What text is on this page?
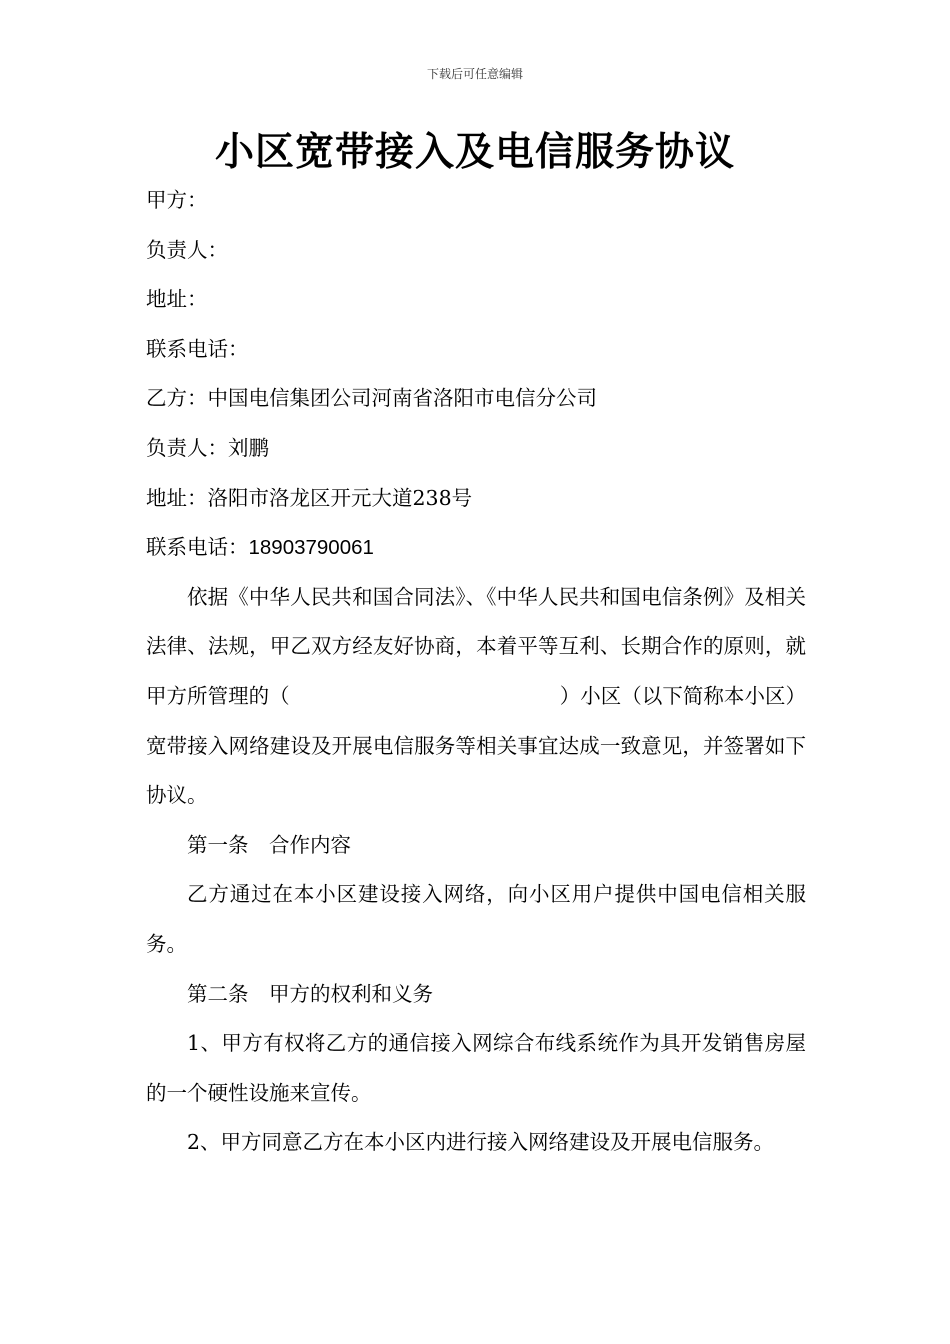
下载后可任意编辑
小区宽带接入及电信服务协议

甲方：

负责人：

地址：

联系电话：

乙方：中国电信集团公司河南省洛阳市电信分公司

负责人：刘鹏

地址：洛阳市洛龙区开元大道238号

联系电话：18903790061

依据《中华人民共和国合同法》、《中华人民共和国电信条例》及相关法律、法规，甲乙双方经友好协商，本着平等互利、长期合作的原则，就甲方所管理的（	）小区（以下简称本小区）宽带接入网络建设及开展电信服务等相关事宜达成一致意见，并签署如下协议。

第一条　合作内容

乙方通过在本小区建设接入网络，向小区用户提供中国电信相关服务。

第二条　甲方的权利和义务

1、甲方有权将乙方的通信接入网综合布线系统作为具开发销售房屋的一个硬性设施来宣传。

2、甲方同意乙方在本小区内进行接入网络建设及开展电信服务。
